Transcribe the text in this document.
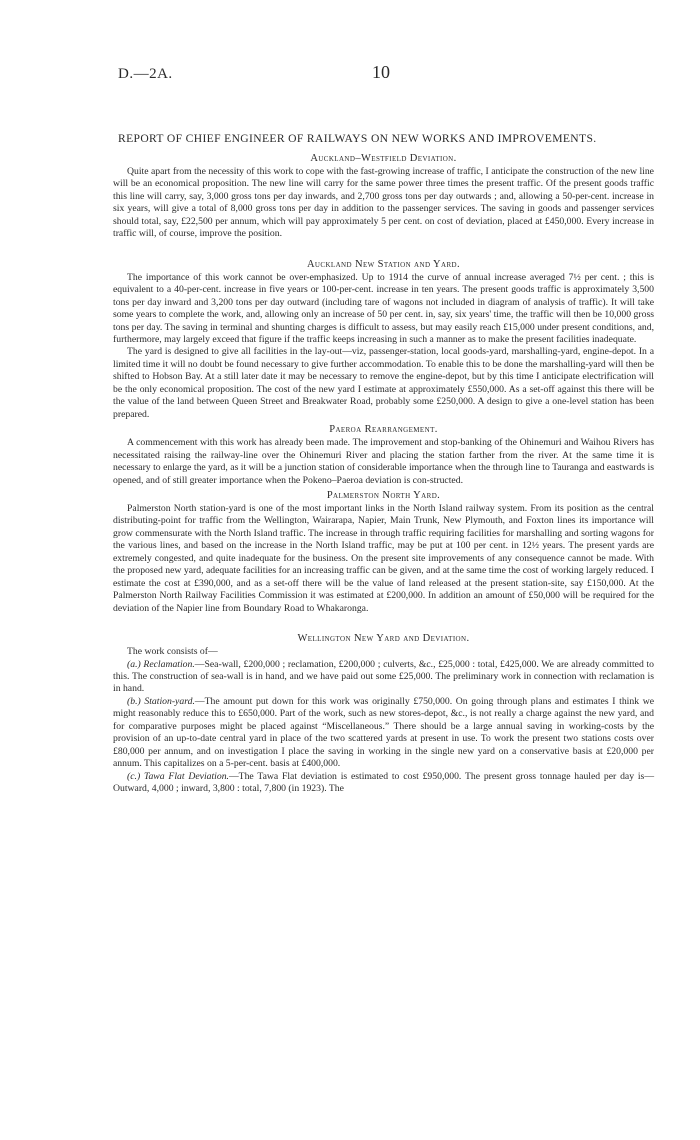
D.—2A.	10
REPORT OF CHIEF ENGINEER OF RAILWAYS ON NEW WORKS AND IMPROVEMENTS.
Auckland–Westfield Deviation.

Quite apart from the necessity of this work to cope with the fast-growing increase of traffic, I anticipate the construction of the new line will be an economical proposition. The new line will carry for the same power three times the present traffic. Of the present goods traffic this line will carry, say, 3,000 gross tons per day inwards, and 2,700 gross tons per day outwards ; and, allowing a 50-per-cent. increase in six years, will give a total of 8,000 gross tons per day in addition to the passenger services. The saving in goods and passenger services should total, say, £22,500 per annum, which will pay approximately 5 per cent. on cost of deviation, placed at £450,000. Every increase in traffic will, of course, improve the position.

Auckland New Station and Yard.

The importance of this work cannot be over-emphasized. Up to 1914 the curve of annual increase averaged 7½ per cent. ; this is equivalent to a 40-per-cent. increase in five years or 100-per-cent. increase in ten years. The present goods traffic is approximately 3,500 tons per day inward and 3,200 tons per day outward (including tare of wagons not included in diagram of analysis of traffic). It will take some years to complete the work, and, allowing only an increase of 50 per cent. in, say, six years' time, the traffic will then be 10,000 gross tons per day. The saving in terminal and shunting charges is difficult to assess, but may easily reach £15,000 under present conditions, and, furthermore, may largely exceed that figure if the traffic keeps increasing in such a manner as to make the present facilities inadequate.

The yard is designed to give all facilities in the lay-out—viz, passenger-station, local goods-yard, marshalling-yard, engine-depot. In a limited time it will no doubt be found necessary to give further accommodation. To enable this to be done the marshalling-yard will then be shifted to Hobson Bay. At a still later date it may be necessary to remove the engine-depot, but by this time I anticipate electrification will be the only economical proposition. The cost of the new yard I estimate at approximately £550,000. As a set-off against this there will be the value of the land between Queen Street and Breakwater Road, probably some £250,000. A design to give a one-level station has been prepared.

Paeroa Rearrangement.

A commencement with this work has already been made. The improvement and stop-banking of the Ohinemuri and Waihou Rivers has necessitated raising the railway-line over the Ohinemuri River and placing the station farther from the river. At the same time it is necessary to enlarge the yard, as it will be a junction station of considerable importance when the through line to Tauranga and eastwards is opened, and of still greater importance when the Pokeno–Paeroa deviation is con-structed.

Palmerston North Yard.

Palmerston North station-yard is one of the most important links in the North Island railway system. From its position as the central distributing-point for traffic from the Wellington, Wairarapa, Napier, Main Trunk, New Plymouth, and Foxton lines its importance will grow commensurate with the North Island traffic. The increase in through traffic requiring facilities for marshalling and sorting wagons for the various lines, and based on the increase in the North Island traffic, may be put at 100 per cent. in 12½ years. The present yards are extremely congested, and quite inadequate for the business. On the present site improvements of any consequence cannot be made. With the proposed new yard, adequate facilities for an increasing traffic can be given, and at the same time the cost of working largely reduced. I estimate the cost at £390,000, and as a set-off there will be the value of land released at the present station-site, say £150,000. At the Palmerston North Railway Facilities Commission it was estimated at £200,000. In addition an amount of £50,000 will be required for the deviation of the Napier line from Boundary Road to Whakaronga.

Wellington New Yard and Deviation.

The work consists of—

(a.) Reclamation.—Sea-wall, £200,000 ; reclamation, £200,000 ; culverts, &c., £25,000 : total, £425,000. We are already committed to this. The construction of sea-wall is in hand, and we have paid out some £25,000. The preliminary work in connection with reclamation is in hand.

(b.) Station-yard.—The amount put down for this work was originally £750,000. On going through plans and estimates I think we might reasonably reduce this to £650,000. Part of the work, such as new stores-depot, &c., is not really a charge against the new yard, and for comparative purposes might be placed against “Miscellaneous.” There should be a large annual saving in working-costs by the provision of an up-to-date central yard in place of the two scattered yards at present in use. To work the present two stations costs over £80,000 per annum, and on investigation I place the saving in working in the single new yard on a conservative basis at £20,000 per annum. This capitalizes on a 5-per-cent. basis at £400,000.

(c.) Tawa Flat Deviation.—The Tawa Flat deviation is estimated to cost £950,000. The present gross tonnage hauled per day is—Outward, 4,000 ; inward, 3,800 : total, 7,800 (in 1923). The
